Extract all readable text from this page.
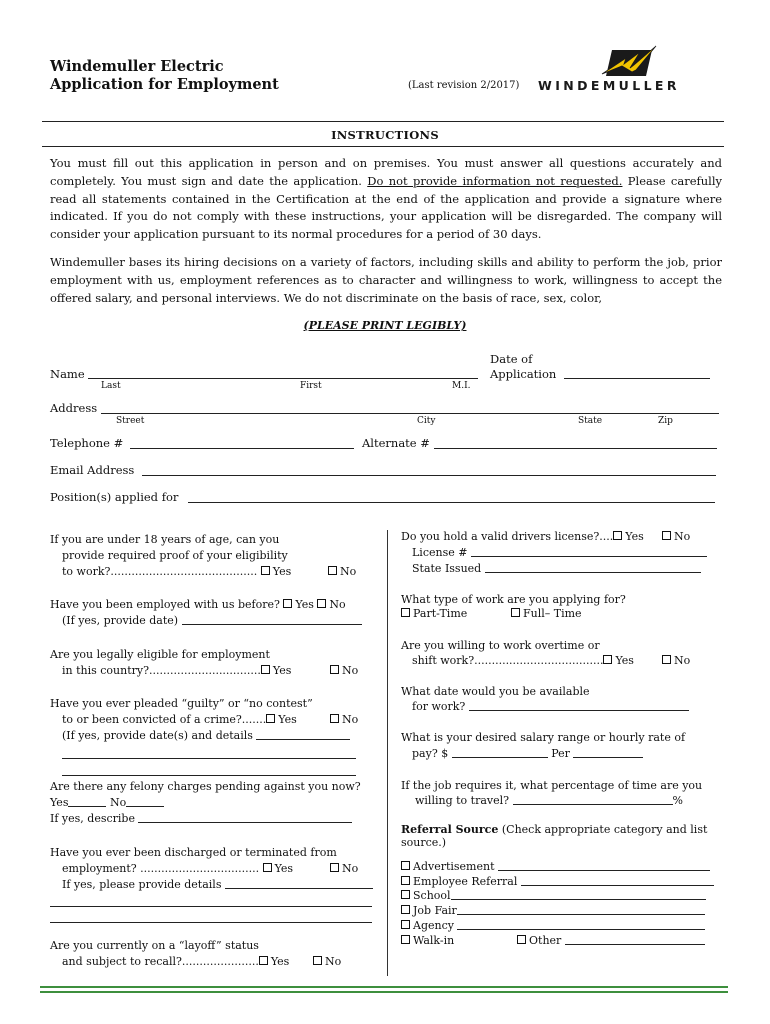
Windemuller Electric
Application for Employment	(Last revision 2/2017) WINDEMULLER
INSTRUCTIONS
You must fill out this application in person and on premises. You must answer all questions accurately and completely. You must sign and date the application. Do not provide information not requested. Please carefully read all statements contained in the Certification at the end of the application and provide a signature where indicated. If you do not comply with these instructions, your application will be disregarded. The company will consider your application pursuant to its normal procedures for a period of 30 days.
Windemuller bases its hiring decisions on a variety of factors, including skills and ability to perform the job, prior employment with us, employment references as to character and willingness to work, willingness to accept the offered salary, and personal interviews. We do not discriminate on the basis of race, sex, color,
(PLEASE PRINT LEGIBLY)
Name
Last	First	M.I.
Date of
Application
Address
Street	City	State	Zip
Telephone #	Alternate #
Email Address
Position(s) applied for
If you are under 18 years of age, can you
provide required proof of your eligibility
to work?.......................................... Yes	No
Have you been employed with us before? Yes No
(If yes, provide date)
Are you legally eligible for employment
in this country?................................ Yes	No
Have you ever pleaded “guilty” or “no contest”
to or been convicted of a crime?....... Yes	No
(If yes, provide date(s) and details
Are there any felony charges pending against you now?
Yes	No
If yes, describe
Have you ever been discharged or terminated from
employment? .................................. Yes	No
If yes, please provide details
Are you currently on a “layoff” status
and subject to recall?...................... Yes	No
Do you hold a valid drivers license?.... Yes	No
License #
State Issued
What type of work are you applying for?
Part-Time	Full– Time
Are you willing to work overtime or
shift work?..................................... Yes	No
What date would you be available
for work?
What is your desired salary range or hourly rate of
pay? $	Per
If the job requires it, what percentage of time are you
willing to travel?	%
Referral Source (Check appropriate category and list
source.)
Advertisement
Employee Referral
School
Job Fair
Agency
Walk-in	Other
